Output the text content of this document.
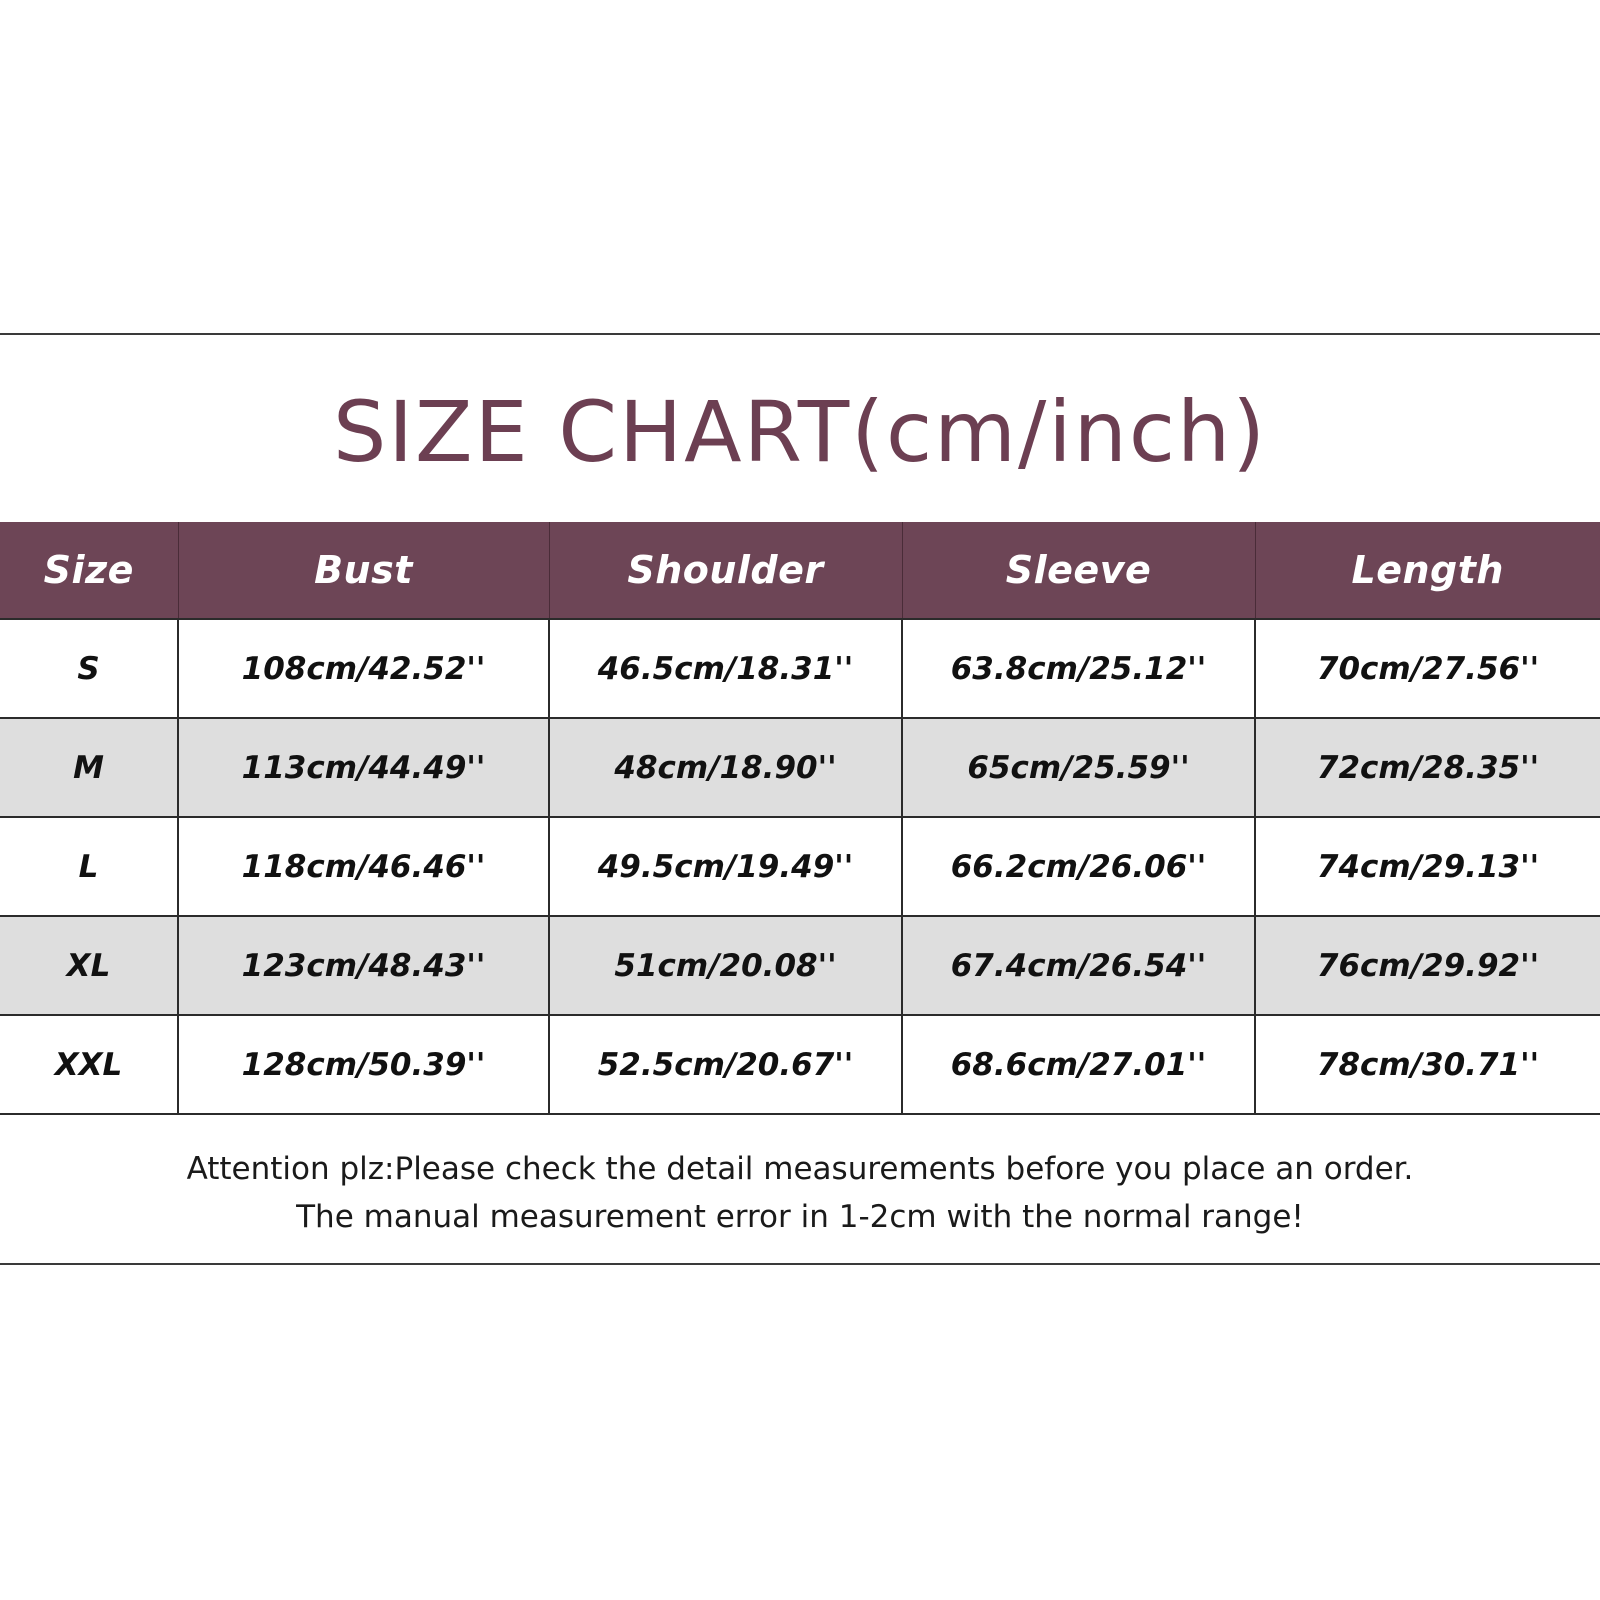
SIZE CHART(cm/inch)
Size	Bust	Shoulder	Sleeve	Length
S	108cm/42.52''	46.5cm/18.31''	63.8cm/25.12''	70cm/27.56''
M	113cm/44.49''	48cm/18.90''	65cm/25.59''	72cm/28.35''
L	118cm/46.46''	49.5cm/19.49''	66.2cm/26.06''	74cm/29.13''
XL	123cm/48.43''	51cm/20.08''	67.4cm/26.54''	76cm/29.92''
XXL	128cm/50.39''	52.5cm/20.67''	68.6cm/27.01''	78cm/30.71''
Attention plz:Please check the detail measurements before you place an order.
The manual measurement error in 1-2cm with the normal range!
